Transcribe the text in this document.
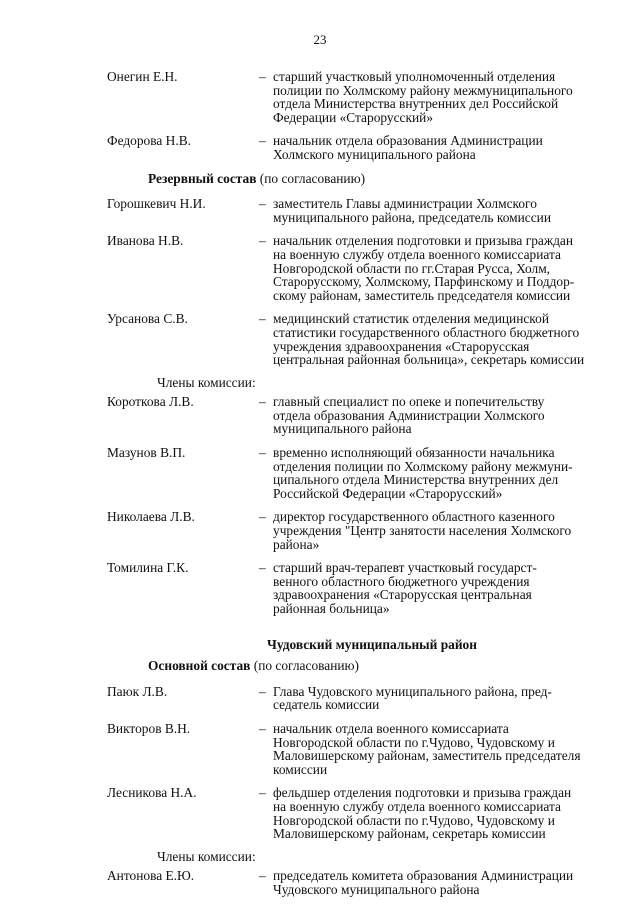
23
Онегин Е.Н.	– старший участковый уполномоченный отделения
полиции по Холмскому району межмуниципального
отдела Министерства внутренних дел Российской
Федерации «Старорусский»
Федорова Н.В.	– начальник отдела образования Администрации
Холмского муниципального района
Резервный состав (по согласованию)
Горошкевич Н.И.	– заместитель Главы администрации Холмского
муниципального района, председатель комиссии
Иванова Н.В.	– начальник отделения подготовки и призыва граждан
на военную службу отдела военного комиссариата
Новгородской области по гг.Старая Русса, Холм,
Старорусскому, Холмскому, Парфинскому и Поддор-
скому районам, заместитель председателя комиссии
Урсанова С.В.	– медицинский статистик отделения медицинской
статистики государственного областного бюджетного
учреждения здравоохранения «Старорусская
центральная районная больница», секретарь комиссии
Члены комиссии:
Короткова Л.В.	– главный специалист по опеке и попечительству
отдела образования Администрации Холмского
муниципального района
Мазунов В.П.	– временно исполняющий обязанности начальника
отделения полиции по Холмскому району межмуни-
ципального отдела Министерства внутренних дел
Российской Федерации «Старорусский»
Николаева Л.В.	– директор государственного областного казенного
учреждения "Центр занятости населения Холмского
района»
Томилина Г.К.	– старший врач-терапевт участковый государст-
венного областного бюджетного учреждения
здравоохранения «Старорусская центральная
районная больница»
Чудовский муниципальный район
Основной состав (по согласованию)
Паюк Л.В.	– Глава Чудовского муниципального района, пред-
седатель комиссии
Викторов В.Н.	– начальник отдела военного комиссариата
Новгородской области по г.Чудово, Чудовскому и
Маловишерскому районам, заместитель председателя
комиссии
Лесникова Н.А.	– фельдшер отделения подготовки и призыва граждан
на военную службу отдела военного комиссариата
Новгородской области по г.Чудово, Чудовскому и
Маловишерскому районам, секретарь комиссии
Члены комиссии:
Антонова Е.Ю.	– председатель комитета образования Администрации
Чудовского муниципального района
